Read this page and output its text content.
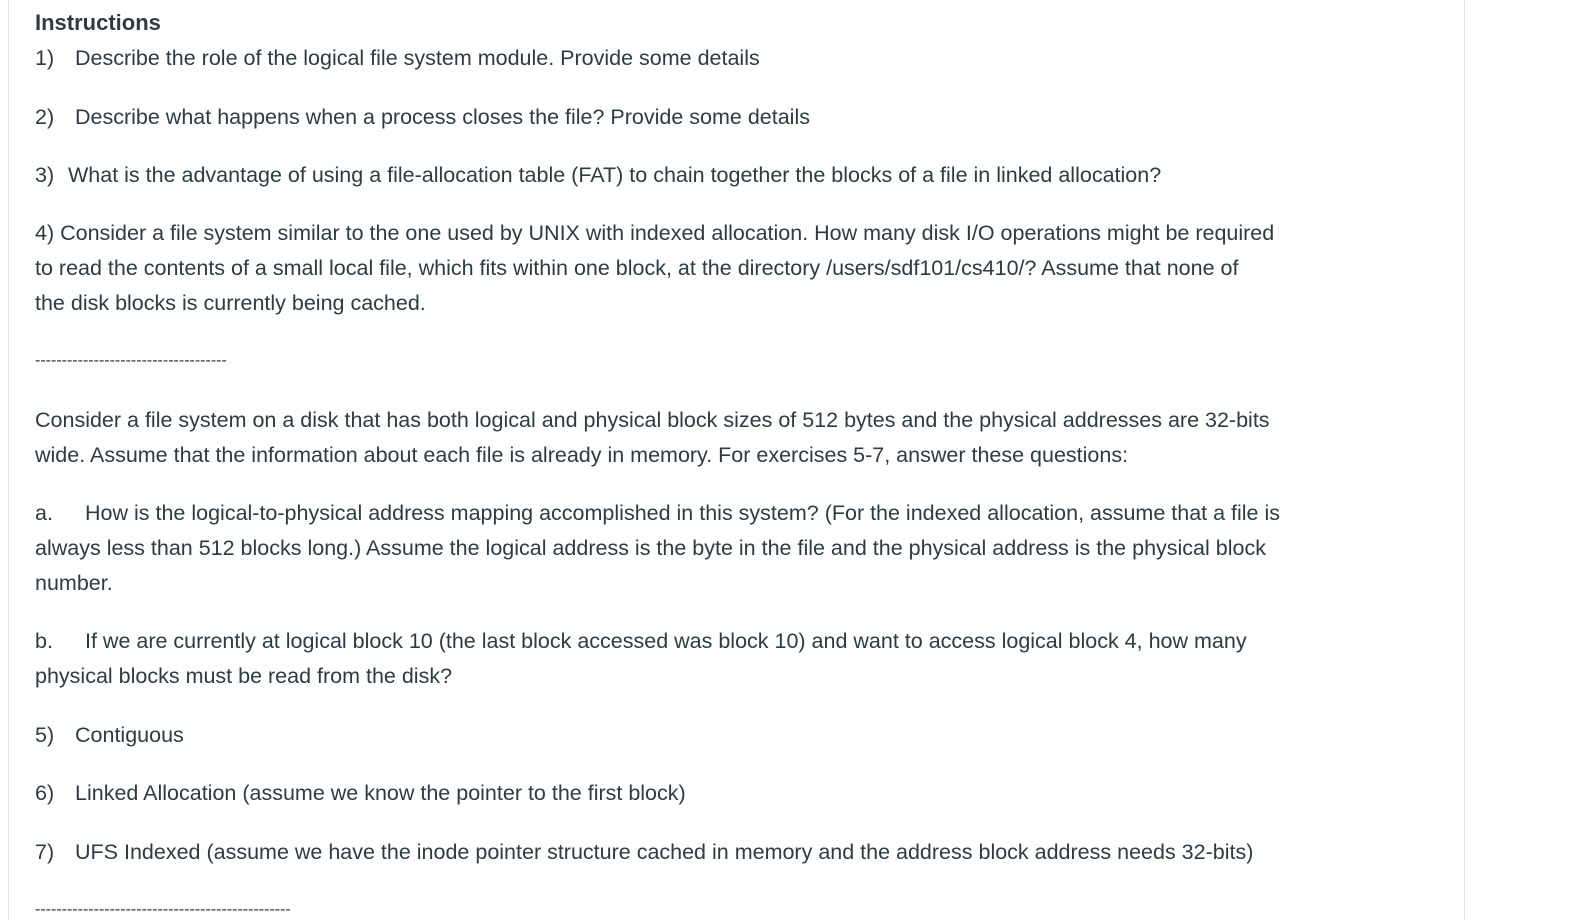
Instructions
1) Describe the role of the logical file system module. Provide some details
2) Describe what happens when a process closes the file? Provide some details
3) What is the advantage of using a file-allocation table (FAT) to chain together the blocks of a file in linked allocation?
4) Consider a file system similar to the one used by UNIX with indexed allocation. How many disk I/O operations might be required
to read the contents of a small local file, which fits within one block, at the directory /users/sdf101/cs410/? Assume that none of
the disk blocks is currently being cached.
------------------------------------
Consider a file system on a disk that has both logical and physical block sizes of 512 bytes and the physical addresses are 32-bits
wide. Assume that the information about each file is already in memory. For exercises 5-7, answer these questions:
a. How is the logical-to-physical address mapping accomplished in this system? (For the indexed allocation, assume that a file is
always less than 512 blocks long.) Assume the logical address is the byte in the file and the physical address is the physical block
number.
b. If we are currently at logical block 10 (the last block accessed was block 10) and want to access logical block 4, how many
physical blocks must be read from the disk?
5) Contiguous
6) Linked Allocation (assume we know the pointer to the first block)
7) UFS Indexed (assume we have the inode pointer structure cached in memory and the address block address needs 32-bits)
------------------------------------------------
